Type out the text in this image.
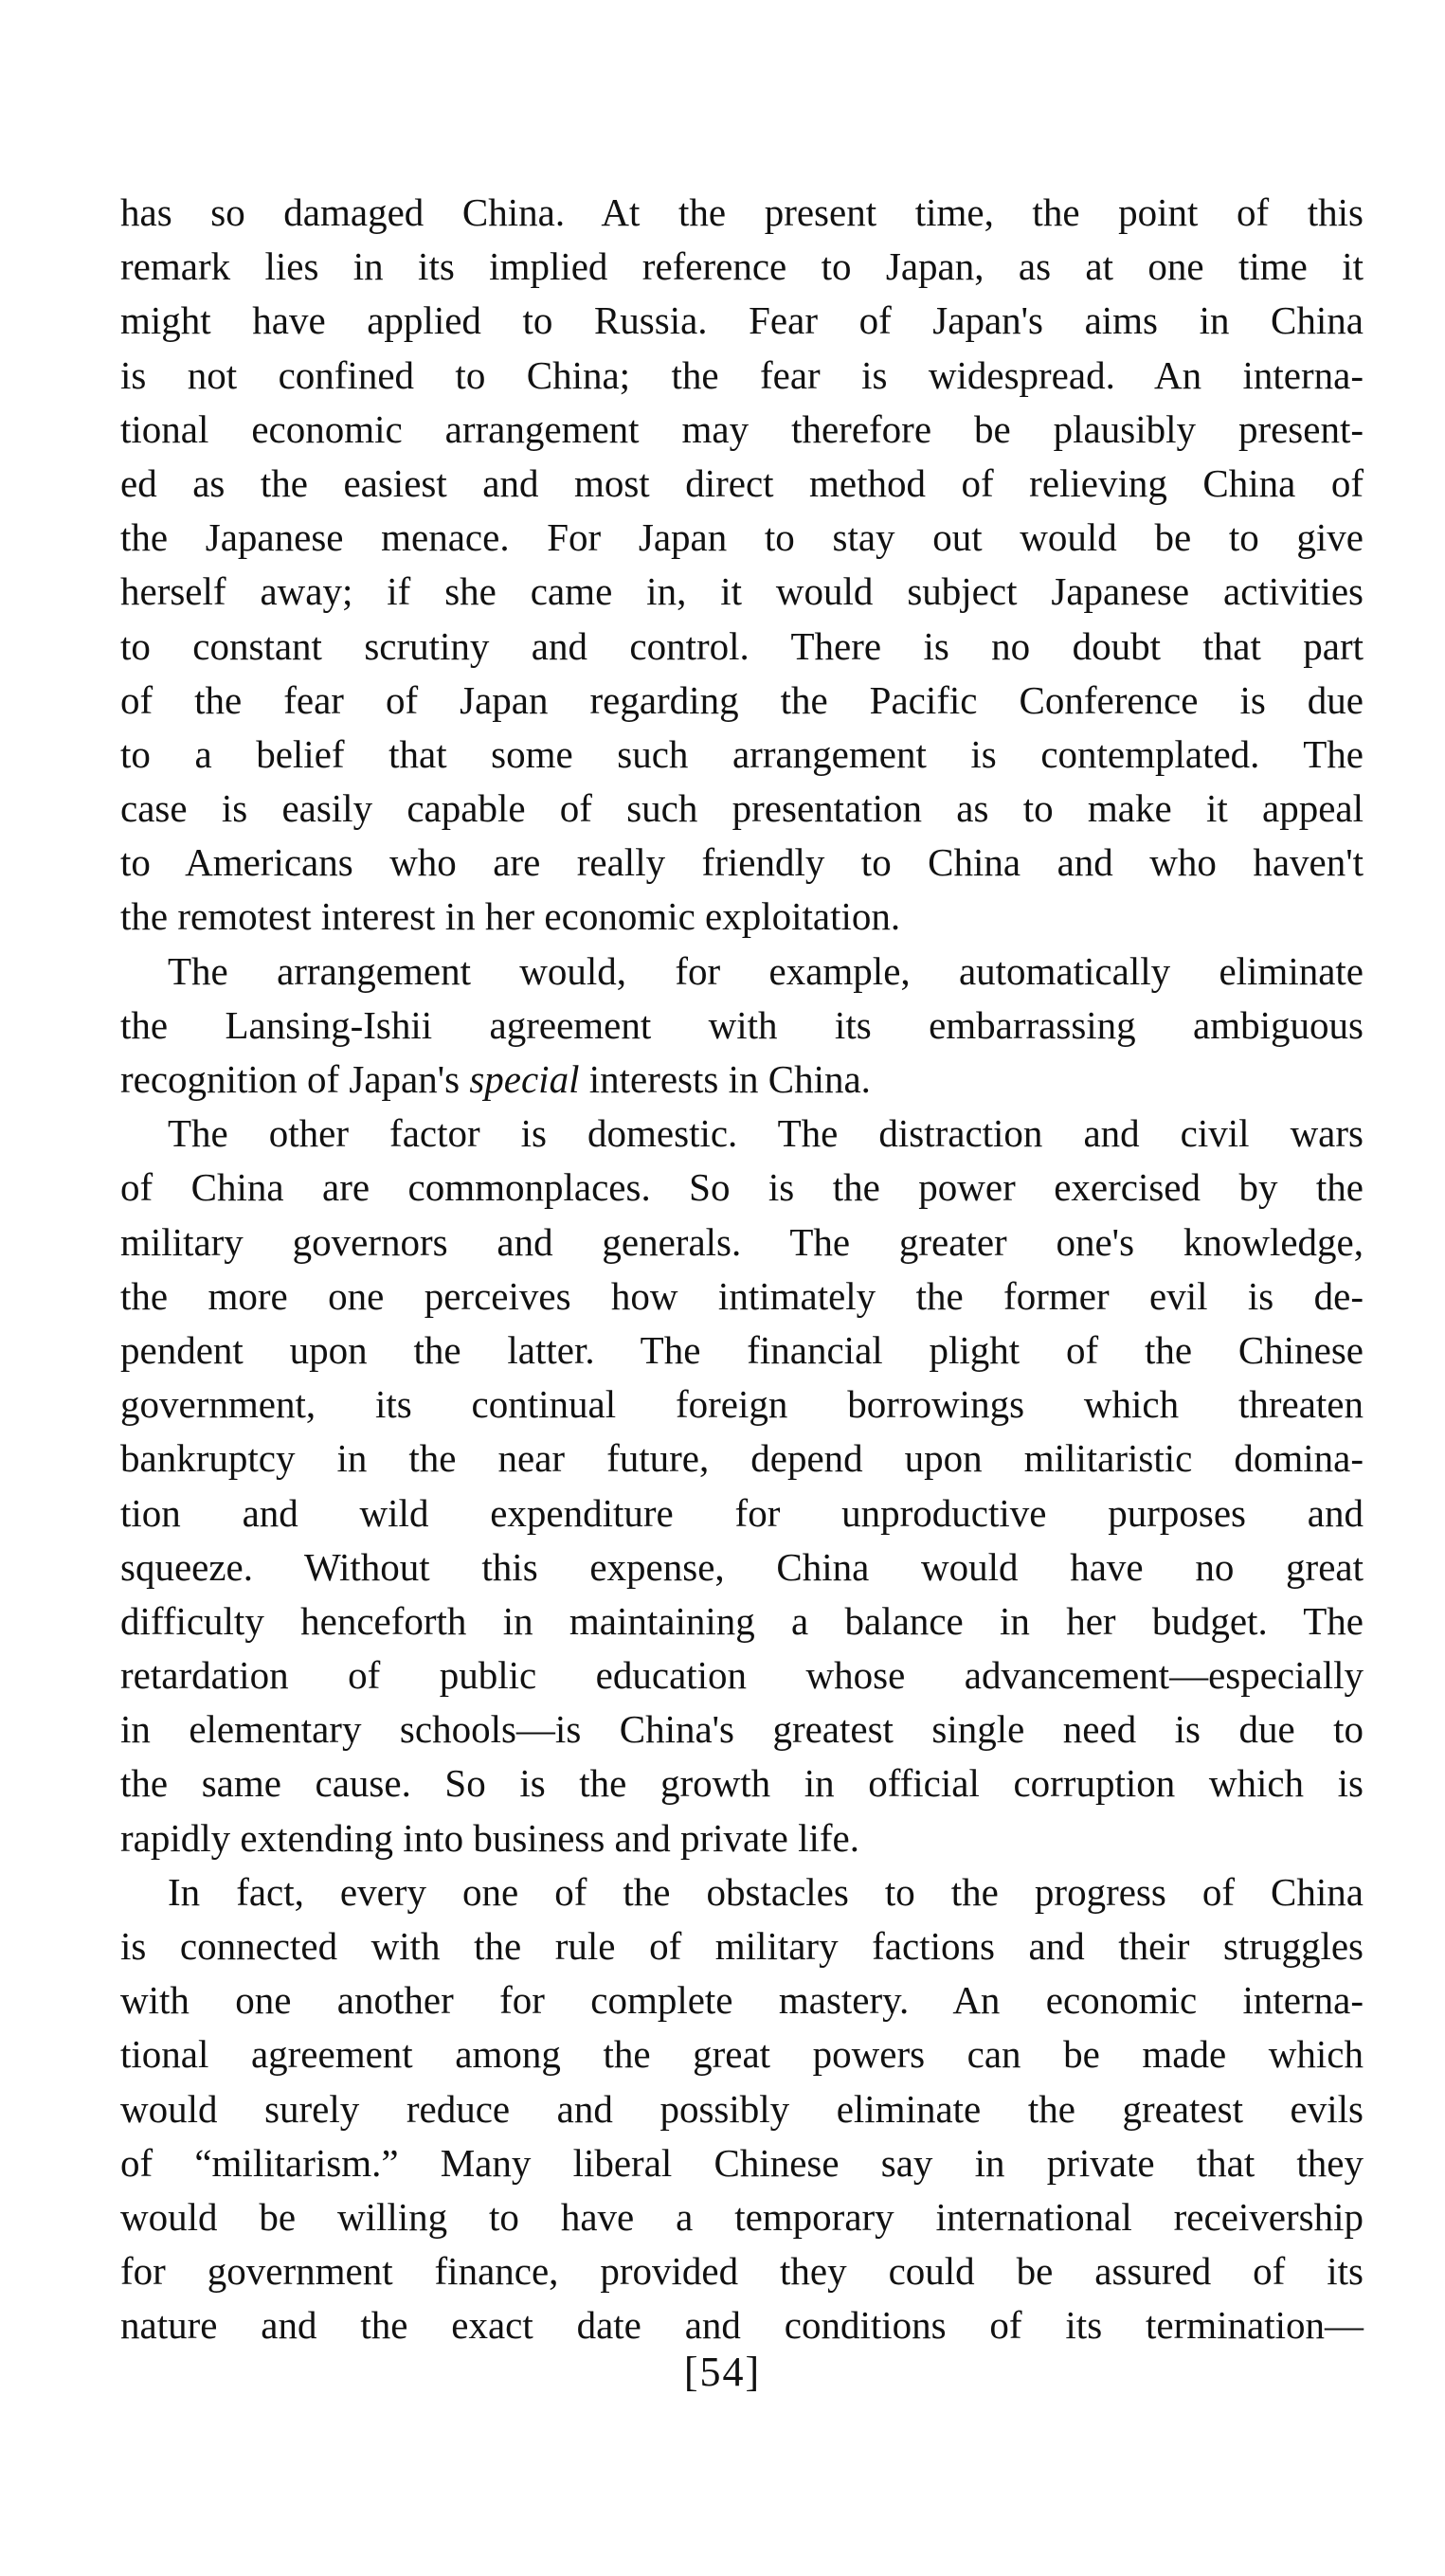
has so damaged China. At the present time, the point of this
remark lies in its implied reference to Japan, as at one time it
might have applied to Russia. Fear of Japan's aims in China
is not confined to China; the fear is widespread. An interna-
tional economic arrangement may therefore be plausibly present-
ed as the easiest and most direct method of relieving China of
the Japanese menace. For Japan to stay out would be to give
herself away; if she came in, it would subject Japanese activities
to constant scrutiny and control. There is no doubt that part
of the fear of Japan regarding the Pacific Conference is due
to a belief that some such arrangement is contemplated. The
case is easily capable of such presentation as to make it appeal
to Americans who are really friendly to China and who haven't
the remotest interest in her economic exploitation.
The arrangement would, for example, automatically eliminate
the Lansing-Ishii agreement with its embarrassing ambiguous
recognition of Japan's special interests in China.
The other factor is domestic. The distraction and civil wars
of China are commonplaces. So is the power exercised by the
military governors and generals. The greater one's knowledge,
the more one perceives how intimately the former evil is de-
pendent upon the latter. The financial plight of the Chinese
government, its continual foreign borrowings which threaten
bankruptcy in the near future, depend upon militaristic domina-
tion and wild expenditure for unproductive purposes and
squeeze. Without this expense, China would have no great
difficulty henceforth in maintaining a balance in her budget. The
retardation of public education whose advancement—especially
in elementary schools—is China's greatest single need is due to
the same cause. So is the growth in official corruption which is
rapidly extending into business and private life.
In fact, every one of the obstacles to the progress of China
is connected with the rule of military factions and their struggles
with one another for complete mastery. An economic interna-
tional agreement among the great powers can be made which
would surely reduce and possibly eliminate the greatest evils
of “militarism.” Many liberal Chinese say in private that they
would be willing to have a temporary international receivership
for government finance, provided they could be assured of its
nature and the exact date and conditions of its termination—
[54]
